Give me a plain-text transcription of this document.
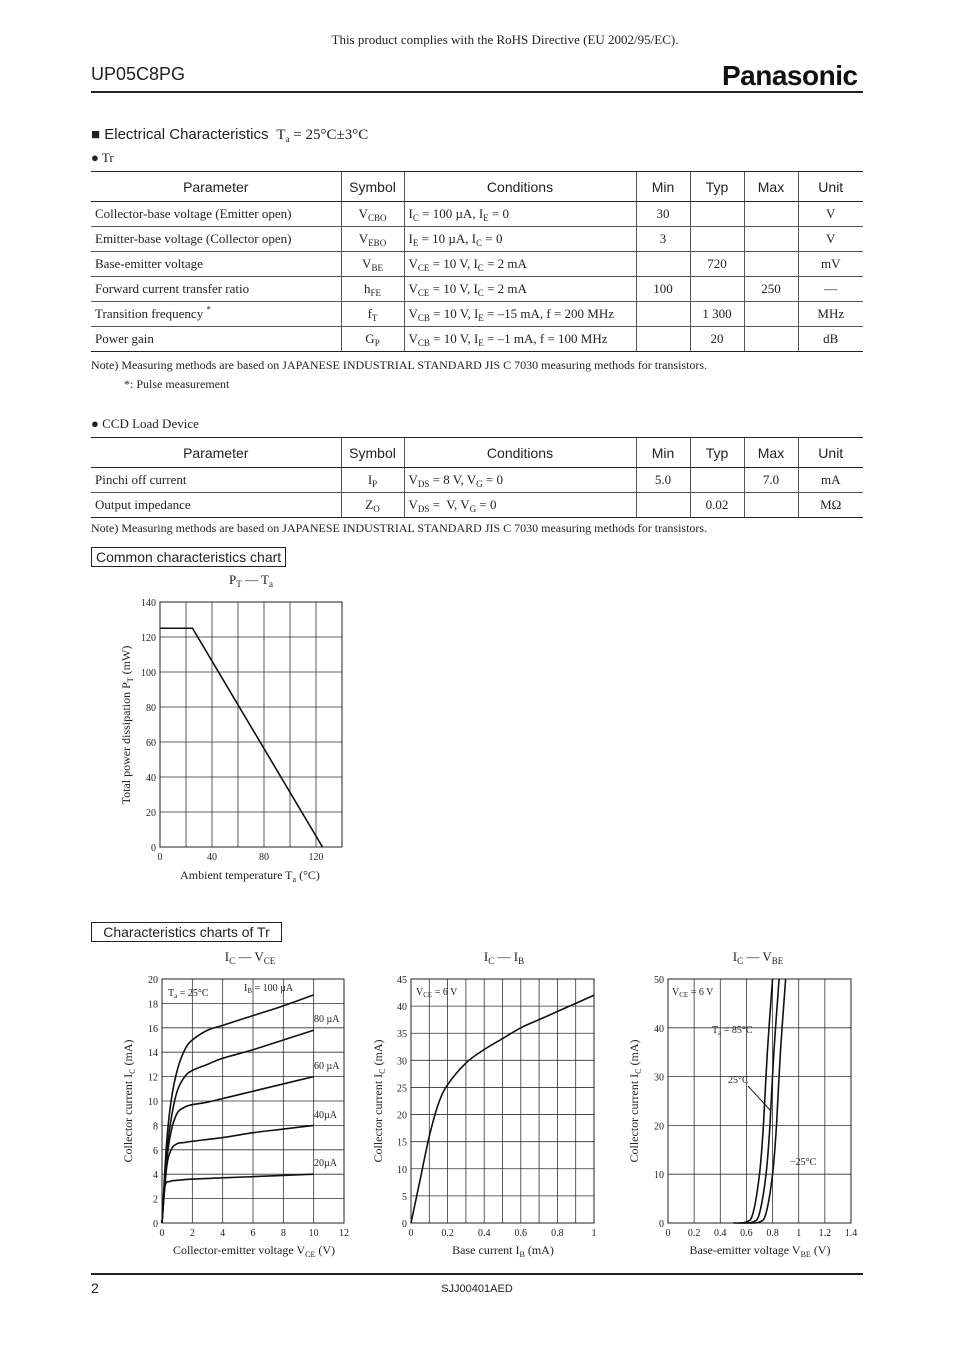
This product complies with the RoHS Directive (EU 2002/95/EC).
UP05C8PG	Panasonic
■ Electrical Characteristics  $T_a = 25^\circ C\pm 3^\circ C$
● Tr
Parameter	Symbol	Conditions	Min	Typ	Max	Unit
Collector-base voltage (Emitter open)	$V_{CBO}$	$I_C = 100$ µA, $I_E = 0$	30			V
Emitter-base voltage (Collector open)	$V_{EBO}$	$I_E = 10$ µA, $I_C = 0$	3			V
Base-emitter voltage	$V_{BE}$	$V_{CE} = 10$ V, $I_C = 2$ mA		720		mV
Forward current transfer ratio	$h_{FE}$	$V_{CE} = 10$ V, $I_C = 2$ mA	100		250	—
Transition frequency *	$f_T$	$V_{CB} = 10$ V, $I_E = -15$ mA, f = 200 MHz		1 300		MHz
Power gain	$G_P$	$V_{CB} = 10$ V, $I_E = -1$ mA, f = 100 MHz		20		dB
Note) Measuring methods are based on JAPANESE INDUSTRIAL STANDARD JIS C 7030 measuring methods for transistors.
*: Pulse measurement
● CCD Load Device
Parameter	Symbol	Conditions	Min	Typ	Max	Unit
Pinchi off current	$I_P$	$V_{DS} = 8$ V, $V_G = 0$	5.0		7.0	mA
Output impedance	$Z_O$	$V_{DS} = V$, $V_G = 0$		0.02		MΩ
Note) Measuring methods are based on JAPANESE INDUSTRIAL STANDARD JIS C 7030 measuring methods for transistors.
Common characteristics chart
Characteristics charts of Tr
$P_T$ — $T_a$
$I_C$ — $V_{CE}$	$I_C$ — $I_B$	$I_C$ — $V_{BE}$
Ambient temperature $T_a$ (°C)
Total power dissipation $P_T$ (mW)
Collector-emitter voltage $V_{CE}$ (V)
Collector current $I_C$ (mA)
Base current $I_B$ (mA)
Collector current $I_C$ (mA)
Base-emitter voltage $V_{BE}$ (V)
Collector current $I_C$ (mA)
$T_a = 25^\circ C$	$I_B = 100$ µA
80 µA
60 µA
40µA
20µA
$V_{CE} = 6$ V	$V_{CE} = 6$ V
$T_a = 85^\circ C$
25°C
−25°C
0	40	80	120
0
20
40
60
80
100
120
140
0	2	4	6	8 10 12
0
2
4
6
8
10
12
14
16
18
20
0	0.2 0.4 0.6 0.8	1
0
5
10
15
20
25
30
35
40
45
0 0.2 0.4 0.6 0.8 1 1.2 1.4
0
10
20
30
40
50
2	SJJ00401AED
